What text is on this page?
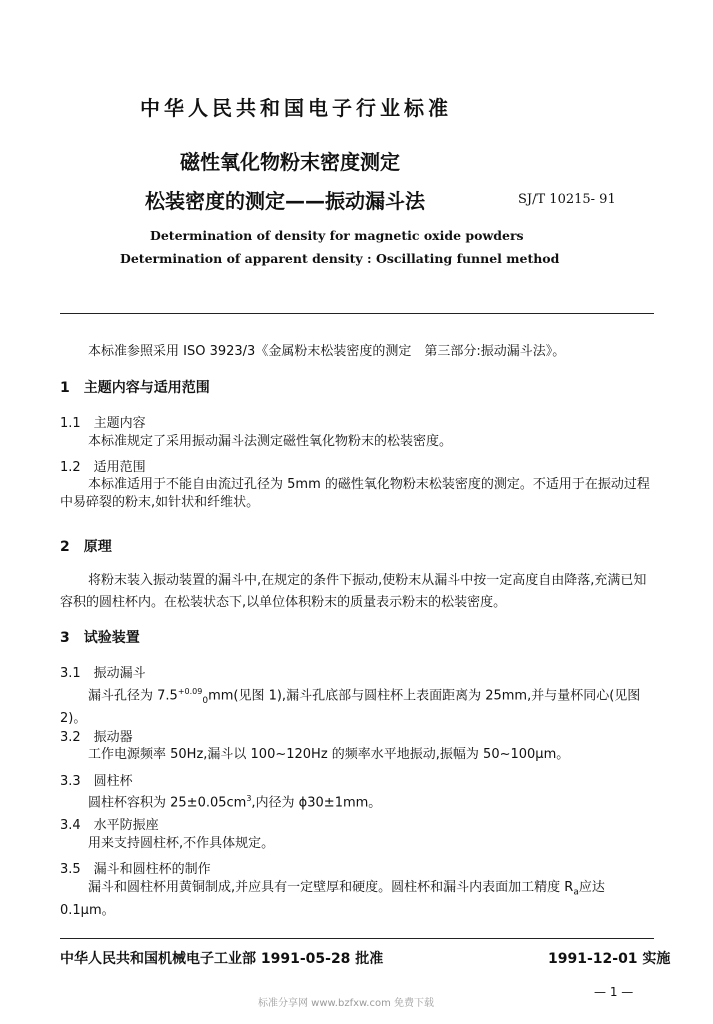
中华人民共和国电子行业标准
磁性氧化物粉末密度测定
松装密度的测定——振动漏斗法	SJ/T 10215- 91
Determination of density for magnetic oxide powders
Determination of apparent density : Oscillating funnel method
本标准参照采用 ISO 3923/3《金属粉末松装密度的测定　第三部分:振动漏斗法》。
1　主题内容与适用范围
1.1　主题内容
本标准规定了采用振动漏斗法测定磁性氧化物粉末的松装密度。
1.2　适用范围
本标准适用于不能自由流过孔径为 5mm 的磁性氧化物粉末松装密度的测定。不适用于在振动过程中易碎裂的粉末,如针状和纤维状。
2　原理
将粉末装入振动装置的漏斗中,在规定的条件下振动,使粉末从漏斗中按一定高度自由降落,充满已知容积的圆柱杯内。在松装状态下,以单位体积粉末的质量表示粉末的松装密度。
3　试验装置
3.1　振动漏斗
漏斗孔径为 $7.5^{+0.09}_0mm$(见图 1),漏斗孔底部与圆柱杯上表面距离为 25mm,并与量杯同心(见图 2)。
3.2　振动器
工作电源频率 50Hz,漏斗以 100~120Hz 的频率水平地振动,振幅为 50~100μm。
3.3　圆柱杯
圆柱杯容积为 $25\pm 0.05cm^3$,内径为 ϕ30±1mm。
3.4　水平防振座
用来支持圆柱杯,不作具体规定。
3.5　漏斗和圆柱杯的制作
漏斗和圆柱杯用黄铜制成,并应具有一定壁厚和硬度。圆柱杯和漏斗内表面加工精度 $R_a$应达 0.1μm。
中华人民共和国机械电子工业部 1991-05-28 批准	1991-12-01 实施
— 1 —
标准分享网 www.bzfxw.com 免费下载
